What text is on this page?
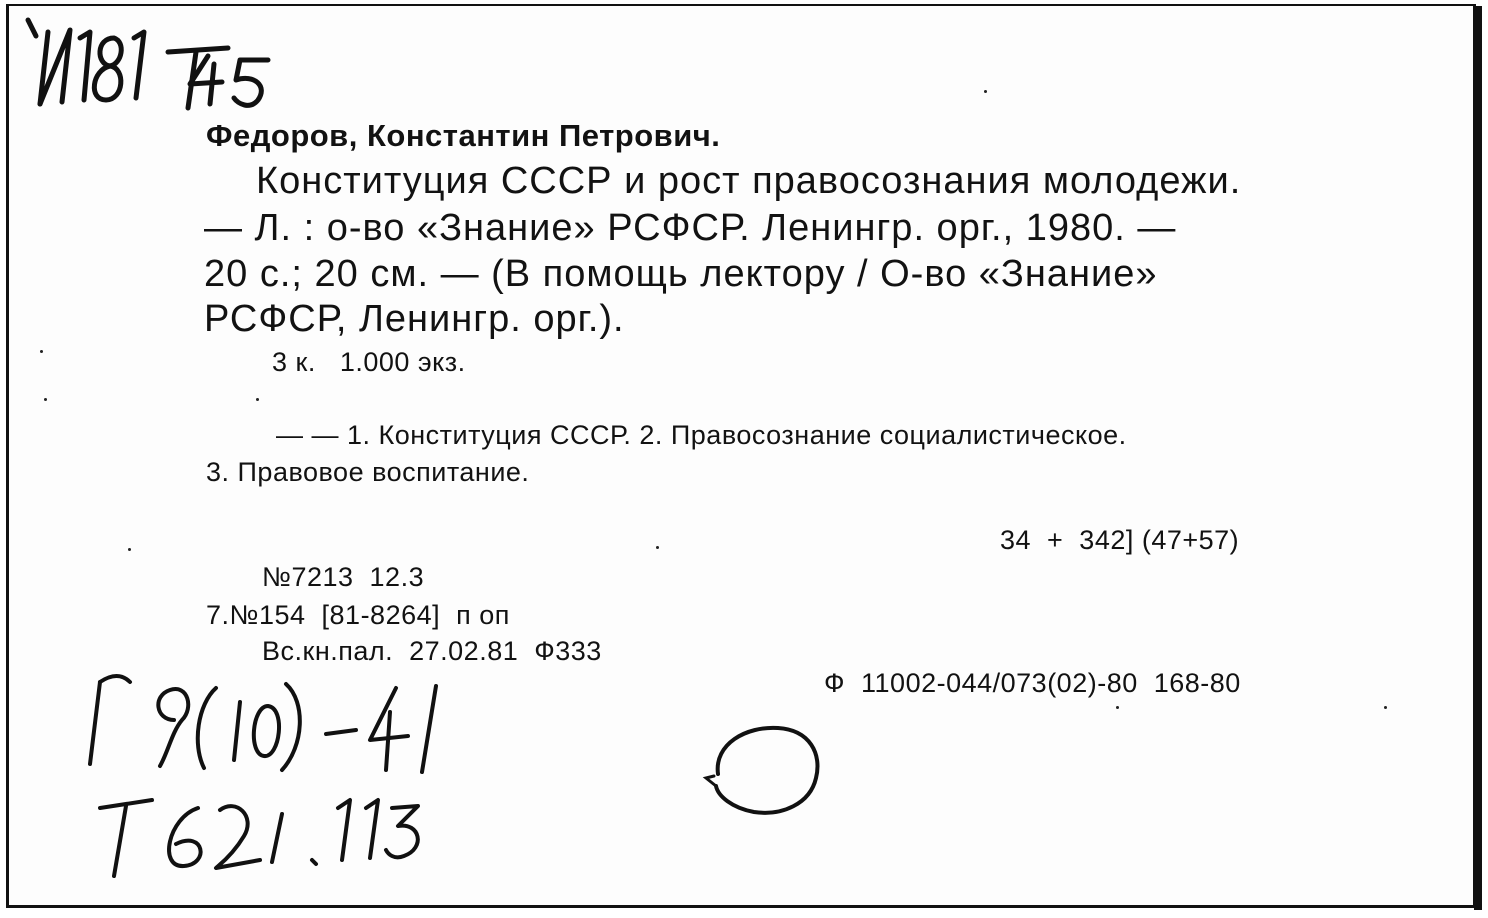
Федоров, Константин Петрович.
Конституция СССР и рост правосознания молодежи.
— Л. : о-во «Знание» РСФСР. Ленингр. орг., 1980. —
20 с.; 20 см. — (В помощь лектору / О-во «Знание»
РСФСР, Ленингр. орг.).
3 к.   1.000 экз.
— — 1. Конституция СССР. 2. Правосознание социалистическое.
3. Правовое воспитание.
34  +  342] (47+57)
№7213  12.3
7.№154  [81-8264]  п оп
Вс.кн.пал.  27.02.81  Ф333
Ф  11002-044/073(02)-80  168-80
